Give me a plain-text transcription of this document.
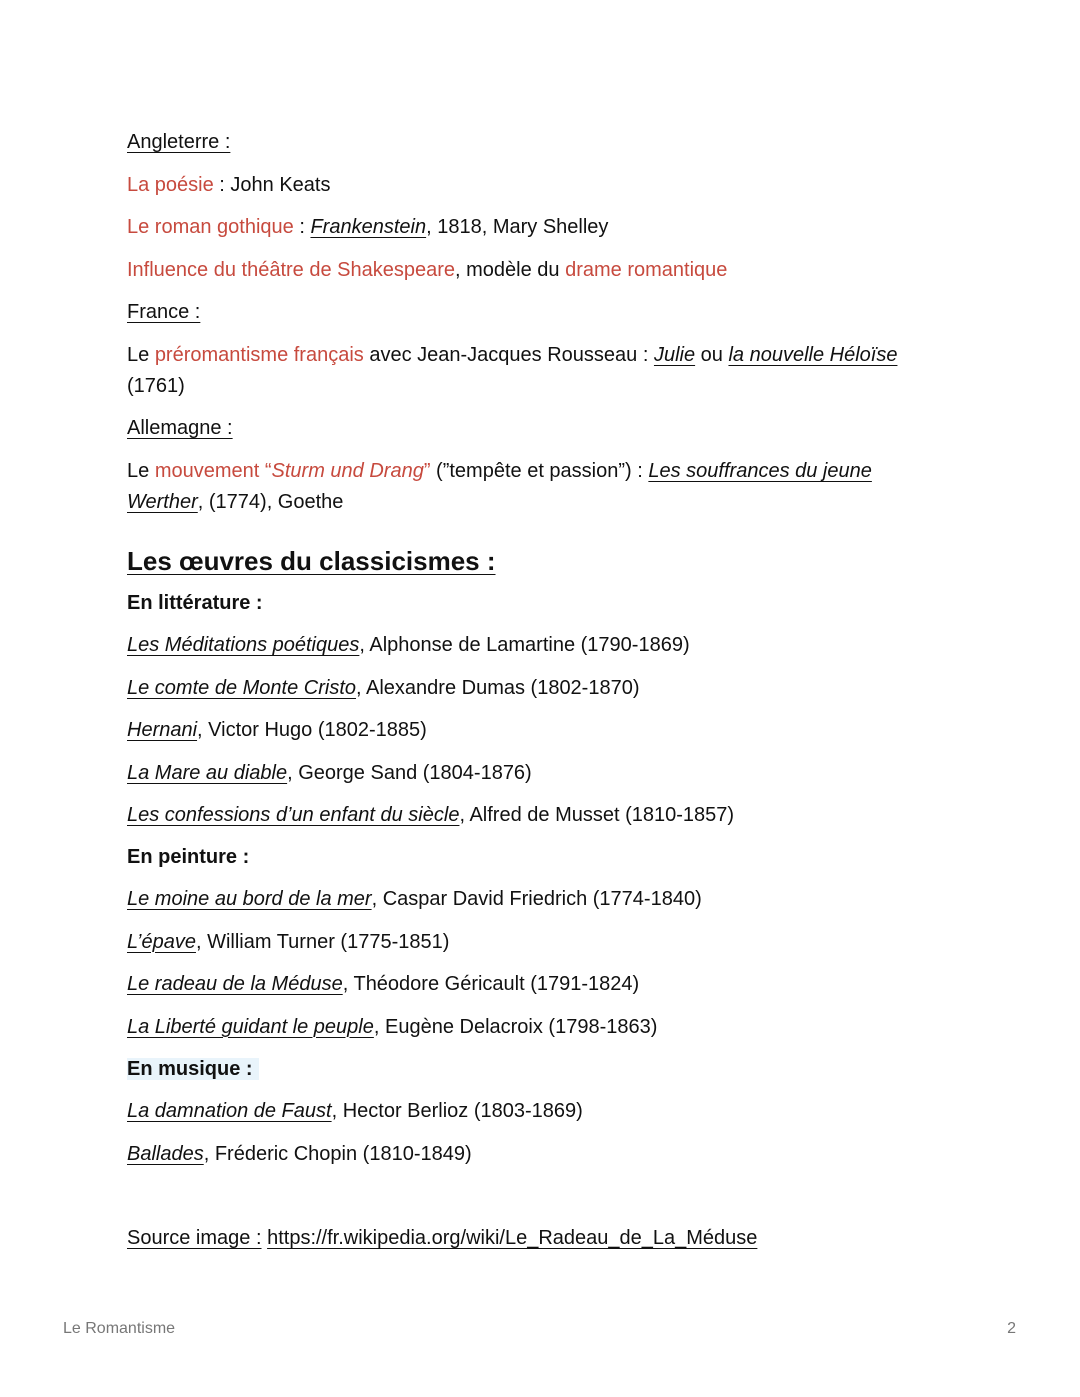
Angleterre :
La poésie : John Keats
Le roman gothique : Frankenstein, 1818, Mary Shelley
Influence du théâtre de Shakespeare, modèle du drame romantique
France :
Le préromantisme français avec Jean-Jacques Rousseau : Julie ou la nouvelle Héloïse
(1761)
Allemagne :
Le mouvement “Sturm und Drang” (”tempête et passion”) : Les souffrances du jeune
Werther, (1774), Goethe
Les œuvres du classicismes :
En littérature :
Les Méditations poétiques, Alphonse de Lamartine (1790-1869)
Le comte de Monte Cristo, Alexandre Dumas (1802-1870)
Hernani, Victor Hugo (1802-1885)
La Mare au diable, George Sand (1804-1876)
Les confessions d’un enfant du siècle, Alfred de Musset (1810-1857)
En peinture :
Le moine au bord de la mer, Caspar David Friedrich (1774-1840)
L’épave, William Turner (1775-1851)
Le radeau de la Méduse, Théodore Géricault (1791-1824)
La Liberté guidant le peuple, Eugène Delacroix (1798-1863)
En musique :
La damnation de Faust, Hector Berlioz (1803-1869)
Ballades, Fréderic Chopin (1810-1849)
Source image : https://fr.wikipedia.org/wiki/Le_Radeau_de_La_Méduse
Le Romantisme	2
